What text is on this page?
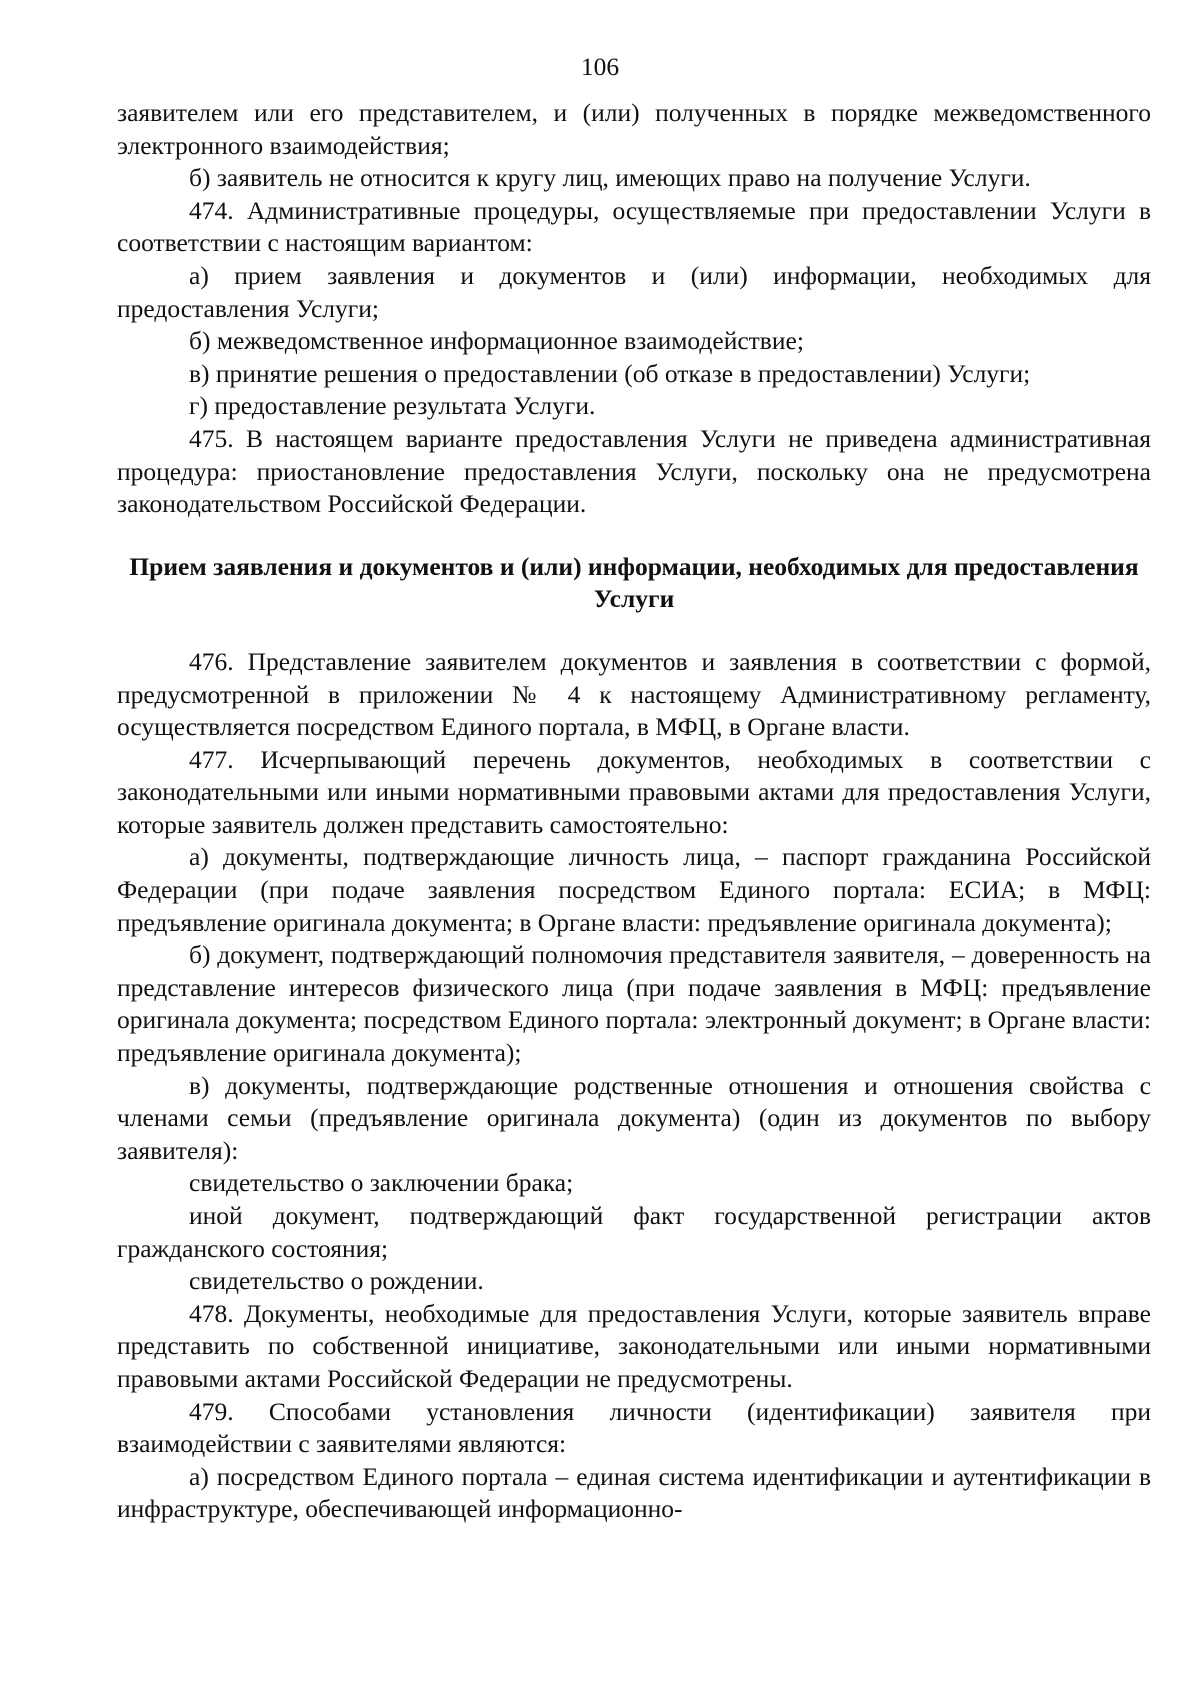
106

заявителем или его представителем, и (или) полученных в порядке межведомственного электронного взаимодействия;

б) заявитель не относится к кругу лиц, имеющих право на получение Услуги.

474. Административные процедуры, осуществляемые при предоставлении Услуги в соответствии с настоящим вариантом:

а) прием заявления и документов и (или) информации, необходимых для предоставления Услуги;

б) межведомственное информационное взаимодействие;

в) принятие решения о предоставлении (об отказе в предоставлении) Услуги;

г) предоставление результата Услуги.

475. В настоящем варианте предоставления Услуги не приведена административная процедура: приостановление предоставления Услуги, поскольку она не предусмотрена законодательством Российской Федерации.

Прием заявления и документов и (или) информации, необходимых для предоставления Услуги

476. Представление заявителем документов и заявления в соответствии с формой, предусмотренной в приложении № 4 к настоящему Административному регламенту, осуществляется посредством Единого портала, в МФЦ, в Органе власти.

477. Исчерпывающий перечень документов, необходимых в соответствии с законодательными или иными нормативными правовыми актами для предоставления Услуги, которые заявитель должен представить самостоятельно:

а) документы, подтверждающие личность лица, – паспорт гражданина Российской Федерации (при подаче заявления посредством Единого портала: ЕСИА; в МФЦ: предъявление оригинала документа; в Органе власти: предъявление оригинала документа);

б) документ, подтверждающий полномочия представителя заявителя, – доверенность на представление интересов физического лица (при подаче заявления в МФЦ: предъявление оригинала документа; посредством Единого портала: электронный документ; в Органе власти: предъявление оригинала документа);

в) документы, подтверждающие родственные отношения и отношения свойства с членами семьи (предъявление оригинала документа) (один из документов по выбору заявителя):

свидетельство о заключении брака;

иной документ, подтверждающий факт государственной регистрации актов гражданского состояния;

свидетельство о рождении.

478. Документы, необходимые для предоставления Услуги, которые заявитель вправе представить по собственной инициативе, законодательными или иными нормативными правовыми актами Российской Федерации не предусмотрены.

479. Способами установления личности (идентификации) заявителя при взаимодействии с заявителями являются:

а) посредством Единого портала – единая система идентификации и аутентификации в инфраструктуре, обеспечивающей информационно-
